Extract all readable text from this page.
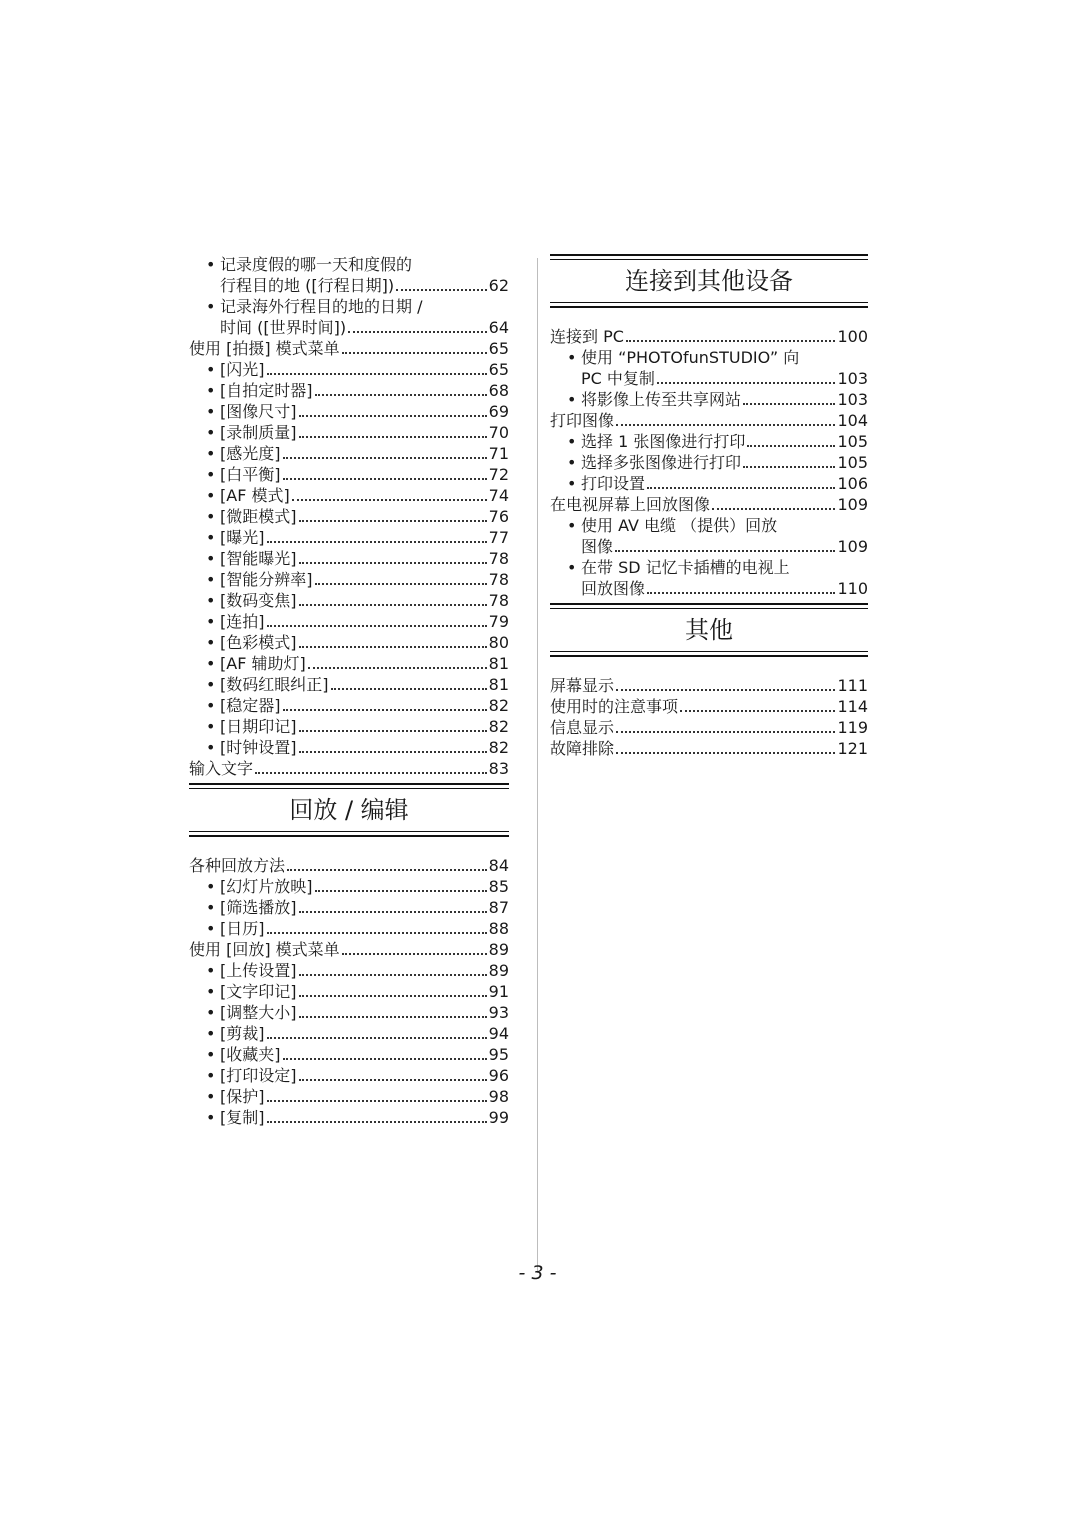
• 记录度假的哪一天和度假的
行程目的地 ([行程日期])	62
• 记录海外行程目的地的日期 /
时间 ([世界时间])	64
使用 [拍摄] 模式菜单	65
• [闪光]	65
• [自拍定时器]	68
• [图像尺寸]	69
• [录制质量]	70
• [感光度]	71
• [白平衡]	72
• [AF 模式]	74
• [微距模式]	76
• [曝光]	77
• [智能曝光]	78
• [智能分辨率]	78
• [数码变焦]	78
• [连拍]	79
• [色彩模式]	80
• [AF 辅助灯]	81
• [数码红眼纠正]	81
• [稳定器]	82
• [日期印记]	82
• [时钟设置]	82
输入文字	83
回放 / 编辑
各种回放方法	84
• [幻灯片放映]	85
• [筛选播放]	87
• [日历]	88
使用 [回放] 模式菜单	89
• [上传设置]	89
• [文字印记]	91
• [调整大小]	93
• [剪裁]	94
• [收藏夹]	95
• [打印设定]	96
• [保护]	98
• [复制]	99
连接到其他设备
连接到 PC	100
• 使用 “PHOTOfunSTUDIO” 向
PC 中复制	103
• 将影像上传至共享网站	103
打印图像	104
• 选择 1 张图像进行打印	105
• 选择多张图像进行打印	105
• 打印设置	106
在电视屏幕上回放图像	109
• 使用 AV 电缆 （提供）回放
图像	109
• 在带 SD 记忆卡插槽的电视上
回放图像	110
其他
屏幕显示	111
使用时的注意事项	114
信息显示	119
故障排除	121
- 3 -
